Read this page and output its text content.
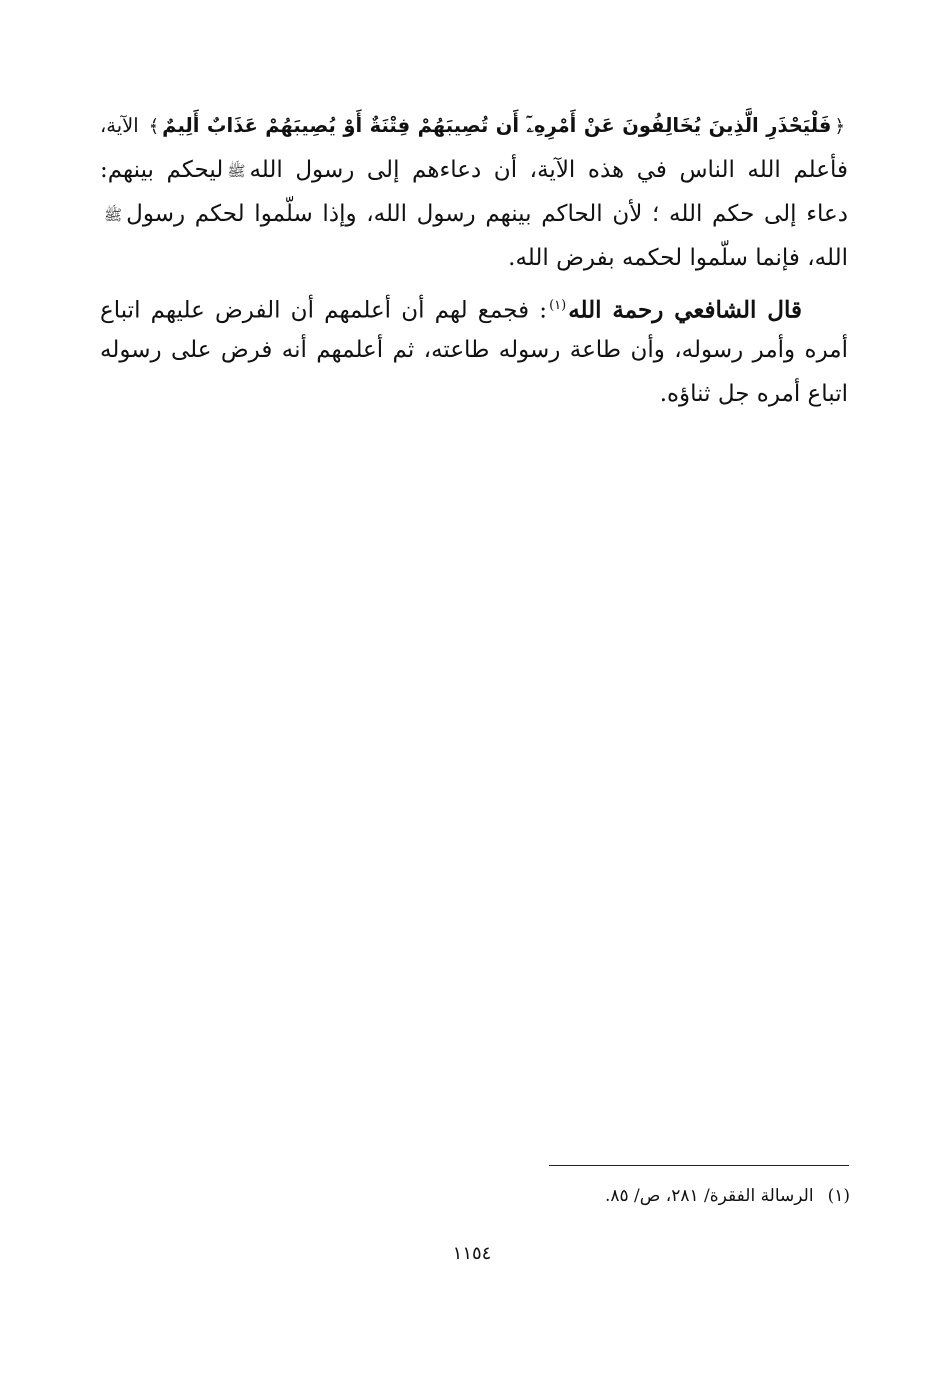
﴿فَلْيَحْذَرِ الَّذِينَ يُخَالِفُونَ عَنْ أَمْرِهِۦٓ أَن تُصِيبَهُمْ فِتْنَةٌ أَوْ يُصِيبَهُمْ عَذَابٌ أَلِيمٌ﴾ الآية،
فأعلم الله الناس في هذه الآية، أن دعاءهم إلى رسول اللهﷺليحكم بينهم:
دعاء إلى حكم الله ؛ لأن الحاكم بينهم رسول الله، وإذا سلّموا لحكم رسولﷺ
الله، فإنما سلّموا لحكمه بفرض الله.
  قال الشافعي رحمة الله$^{(١)}$: فجمع لهم أن أعلمهم أن الفرض عليهم اتباع
أمره وأمر رسوله، وأن طاعة رسوله طاعته، ثم أعلمهم أنه فرض على رسوله
اتباع أمره جل ثناؤه.
(١)الرسالة الفقرة/ ٢٨١، ص/ ٨٥.
١١٥٤
